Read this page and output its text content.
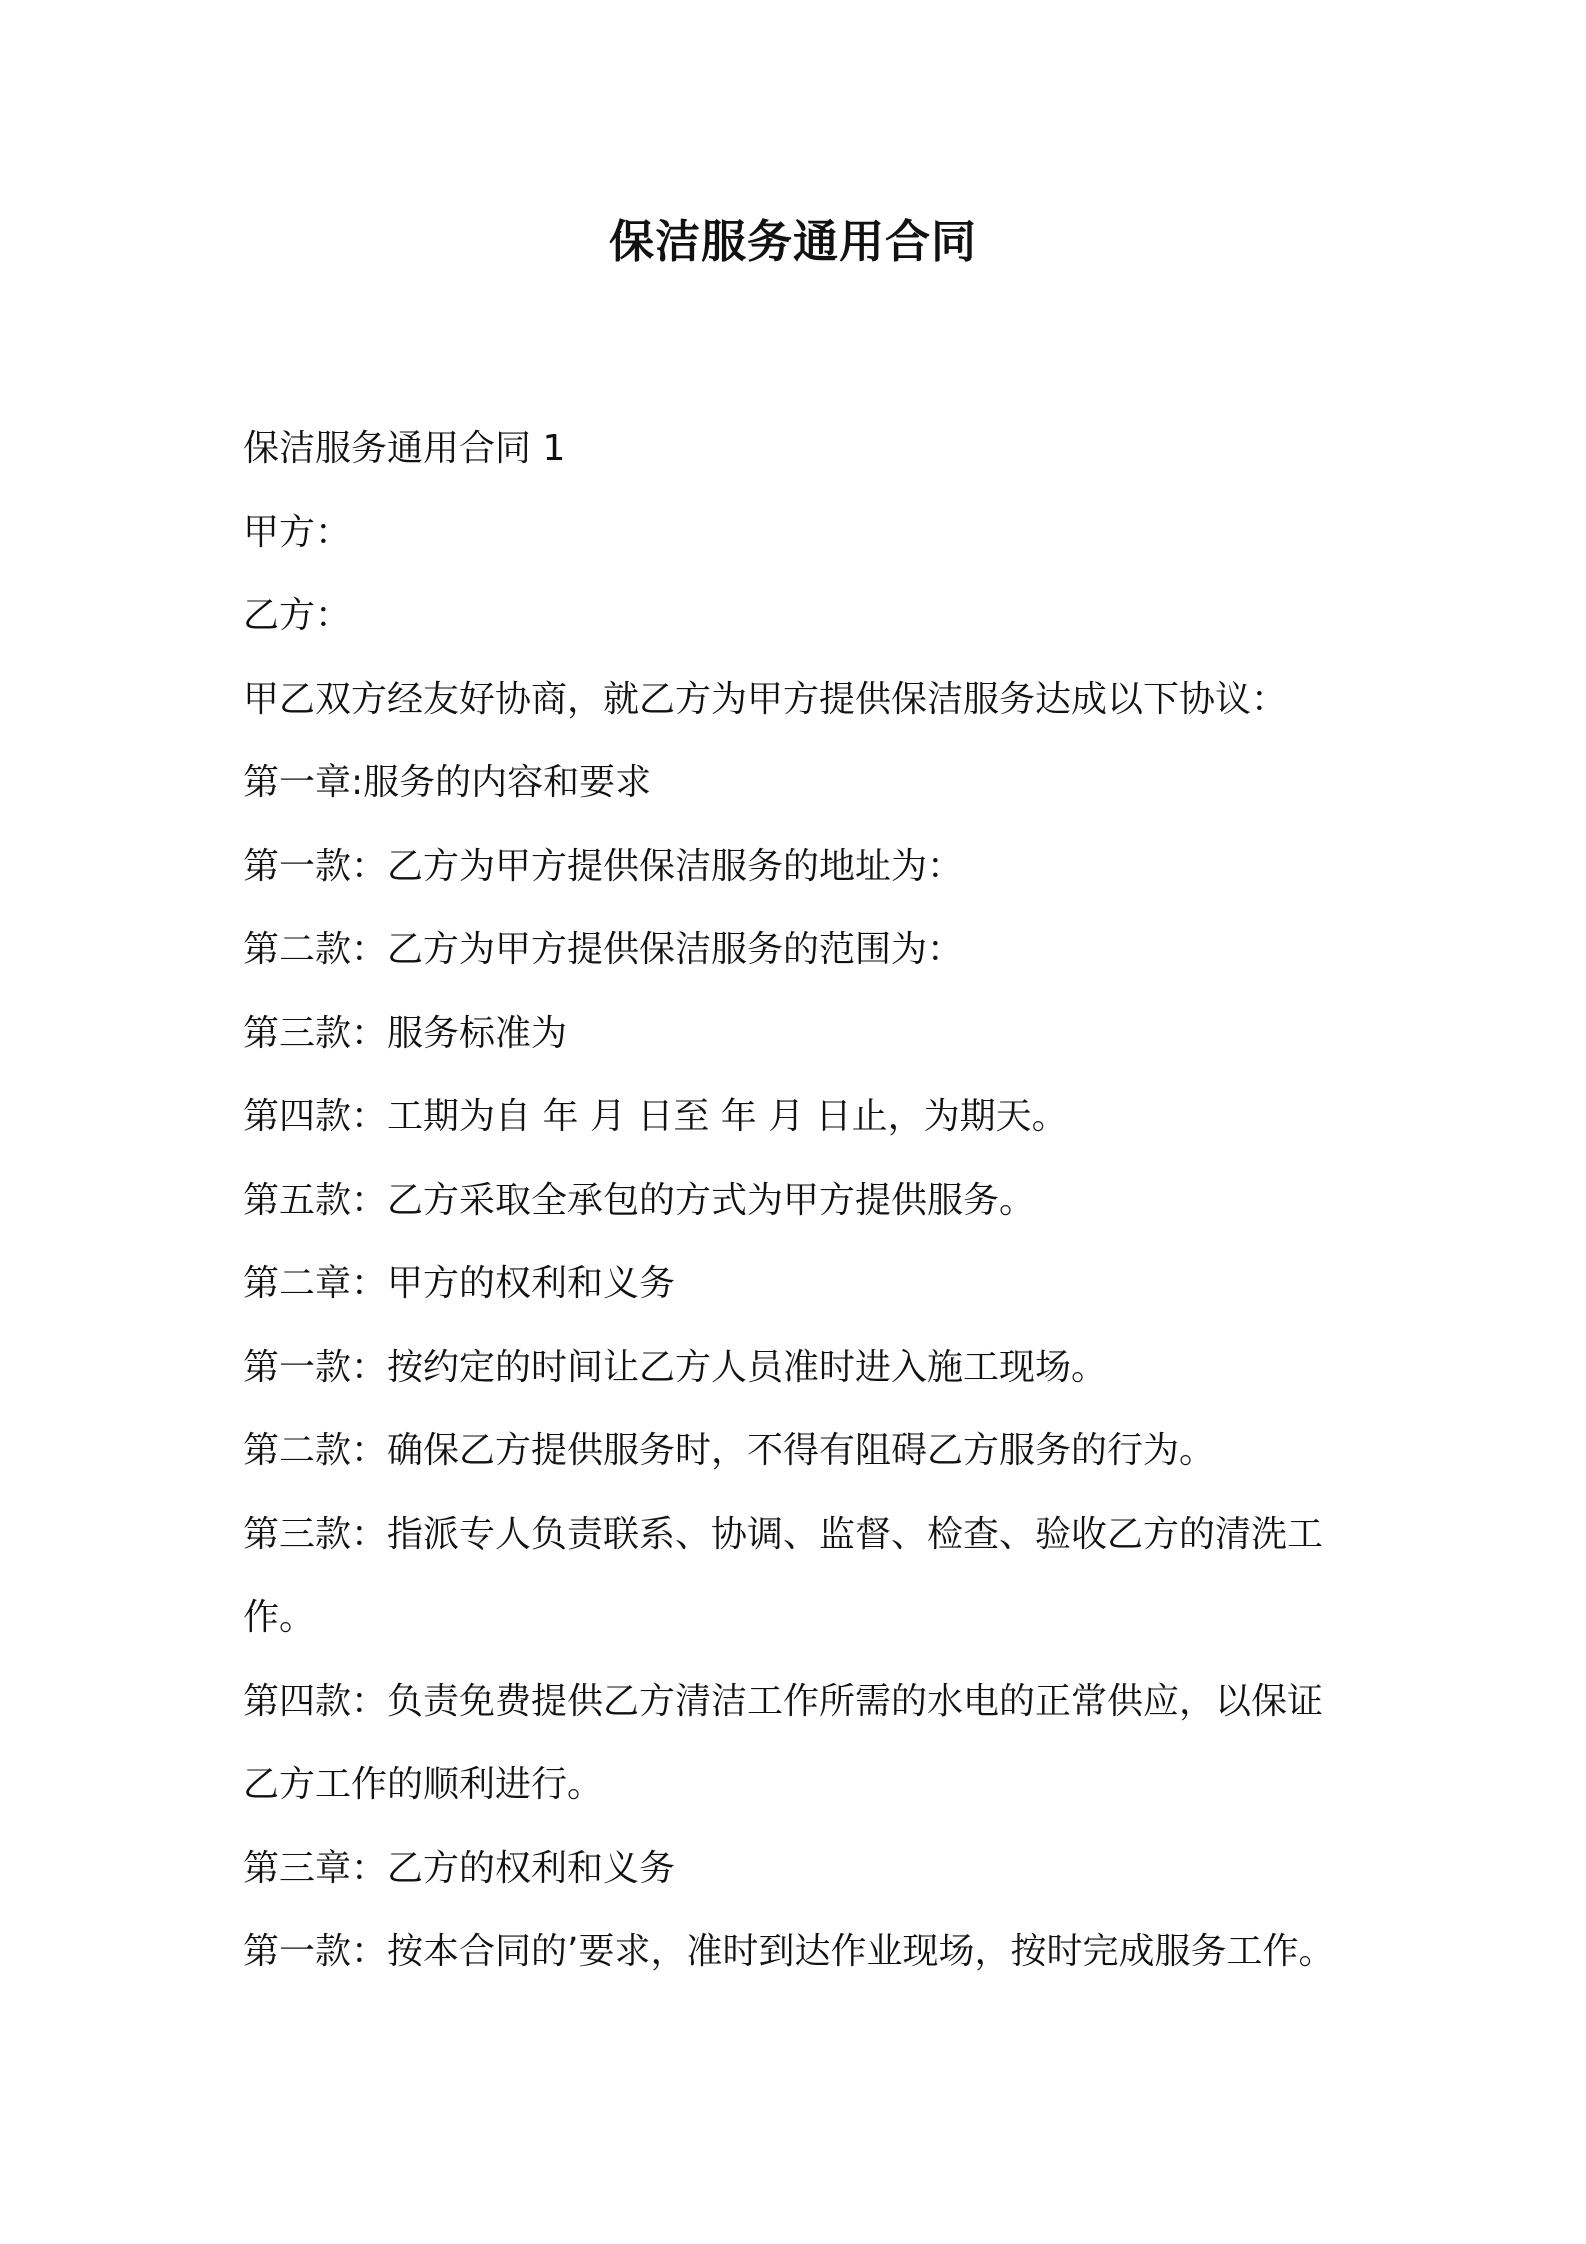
保洁服务通用合同

保洁服务通用合同 1

甲方：

乙方：

甲乙双方经友好协商，就乙方为甲方提供保洁服务达成以下协议：

第一章:服务的内容和要求

第一款：乙方为甲方提供保洁服务的地址为：

第二款：乙方为甲方提供保洁服务的范围为：

第三款：服务标准为

第四款：工期为自 年 月 日至 年 月 日止，为期天。

第五款：乙方采取全承包的方式为甲方提供服务。

第二章：甲方的权利和义务

第一款：按约定的时间让乙方人员准时进入施工现场。

第二款：确保乙方提供服务时，不得有阻碍乙方服务的行为。

第三款：指派专人负责联系、协调、监督、检查、验收乙方的清洗工

作。

第四款：负责免费提供乙方清洁工作所需的水电的正常供应，以保证

乙方工作的顺利进行。

第三章：乙方的权利和义务

第一款：按本合同的’要求，准时到达作业现场，按时完成服务工作。
